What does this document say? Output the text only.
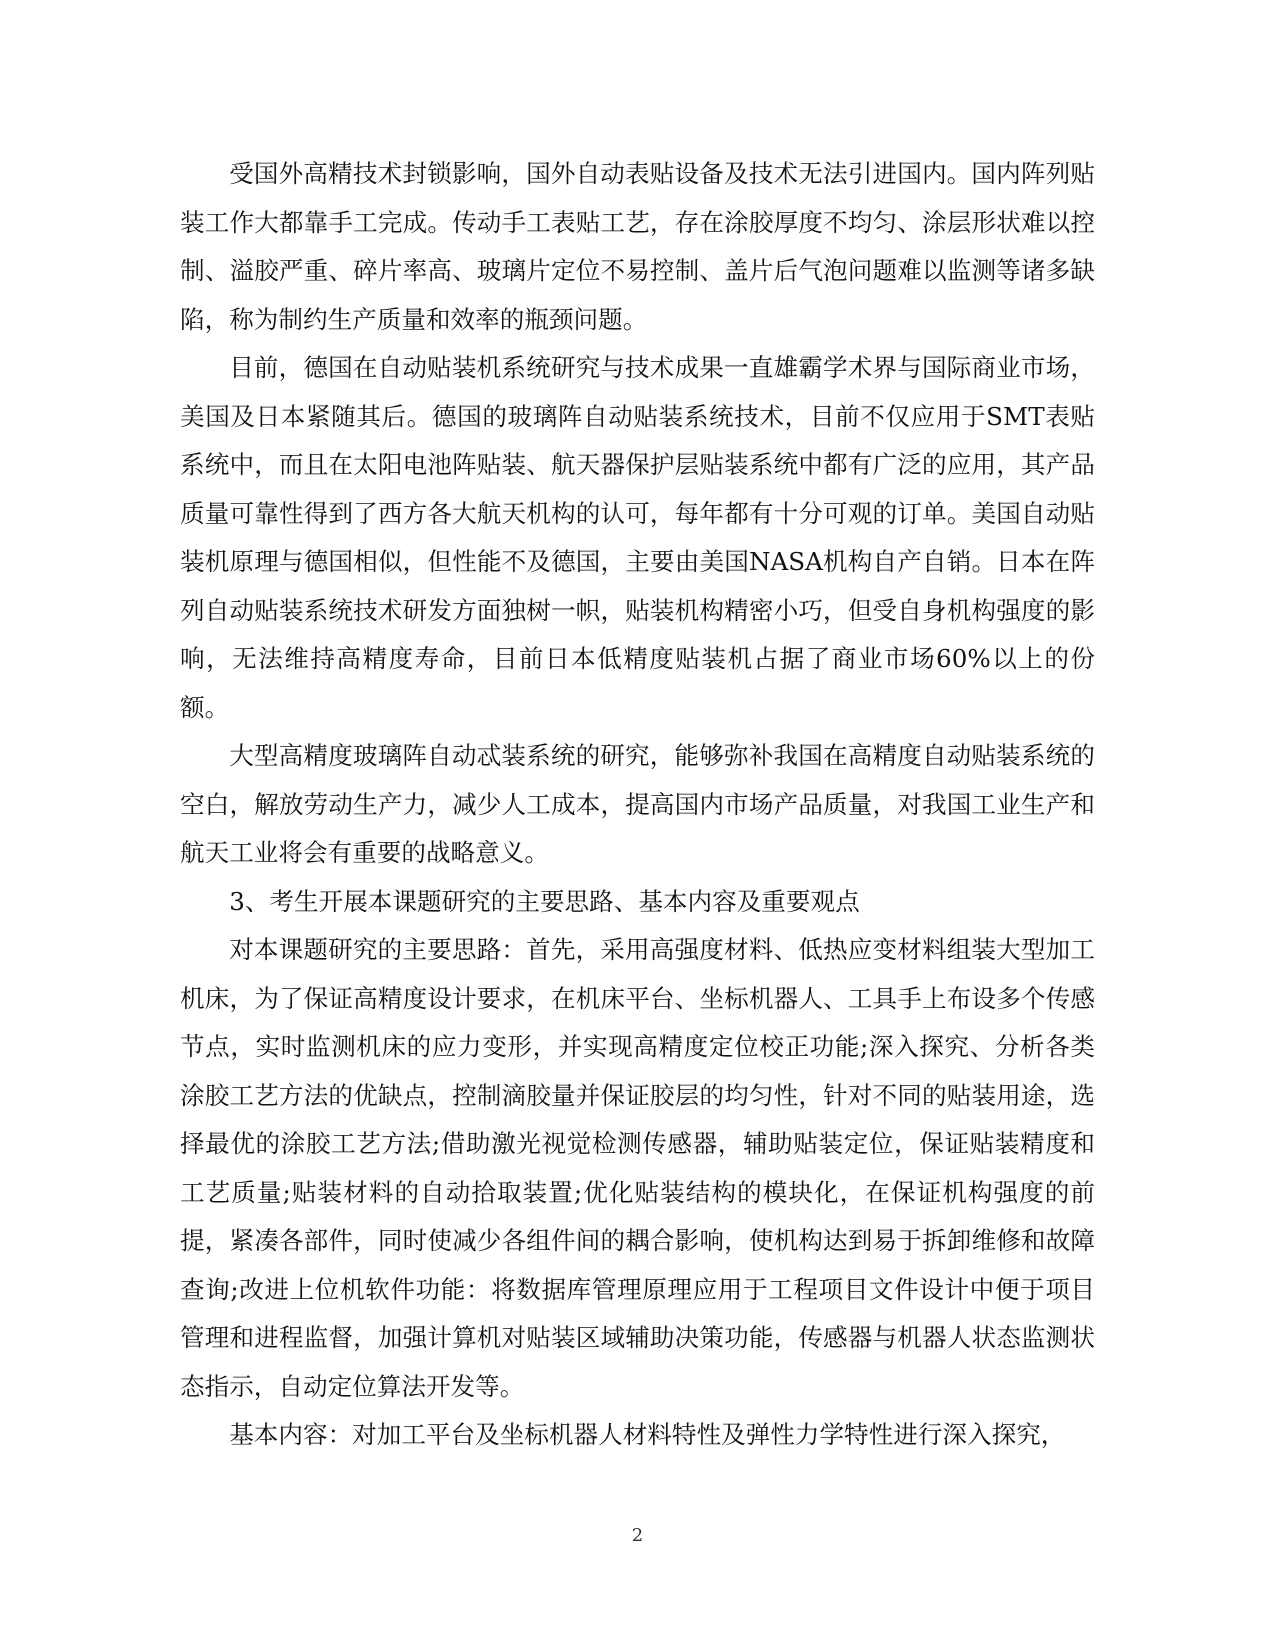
受国外高精技术封锁影响，国外自动表贴设备及技术无法引进国内。国内阵列贴装工作大都靠手工完成。传动手工表贴工艺，存在涂胶厚度不均匀、涂层形状难以控制、溢胶严重、碎片率高、玻璃片定位不易控制、盖片后气泡问题难以监测等诸多缺陷，称为制约生产质量和效率的瓶颈问题。

目前，德国在自动贴装机系统研究与技术成果一直雄霸学术界与国际商业市场，美国及日本紧随其后。德国的玻璃阵自动贴装系统技术，目前不仅应用于SMT表贴系统中，而且在太阳电池阵贴装、航天器保护层贴装系统中都有广泛的应用，其产品质量可靠性得到了西方各大航天机构的认可，每年都有十分可观的订单。美国自动贴装机原理与德国相似，但性能不及德国，主要由美国NASA机构自产自销。日本在阵列自动贴装系统技术研发方面独树一帜，贴装机构精密小巧，但受自身机构强度的影响，无法维持高精度寿命，目前日本低精度贴装机占据了商业市场60%以上的份额。

大型高精度玻璃阵自动忒装系统的研究，能够弥补我国在高精度自动贴装系统的空白，解放劳动生产力，减少人工成本，提高国内市场产品质量，对我国工业生产和航天工业将会有重要的战略意义。

3、考生开展本课题研究的主要思路、基本内容及重要观点

对本课题研究的主要思路：首先，采用高强度材料、低热应变材料组装大型加工机床，为了保证高精度设计要求，在机床平台、坐标机器人、工具手上布设多个传感节点，实时监测机床的应力变形，并实现高精度定位校正功能;深入探究、分析各类涂胶工艺方法的优缺点，控制滴胶量并保证胶层的均匀性，针对不同的贴装用途，选择最优的涂胶工艺方法;借助激光视觉检测传感器，辅助贴装定位，保证贴装精度和工艺质量;贴装材料的自动拾取装置;优化贴装结构的模块化，在保证机构强度的前提，紧凑各部件，同时使减少各组件间的耦合影响，使机构达到易于拆卸维修和故障查询;改进上位机软件功能：将数据库管理原理应用于工程项目文件设计中便于项目管理和进程监督，加强计算机对贴装区域辅助决策功能，传感器与机器人状态监测状态指示，自动定位算法开发等。

基本内容：对加工平台及坐标机器人材料特性及弹性力学特性进行深入探究，

2
